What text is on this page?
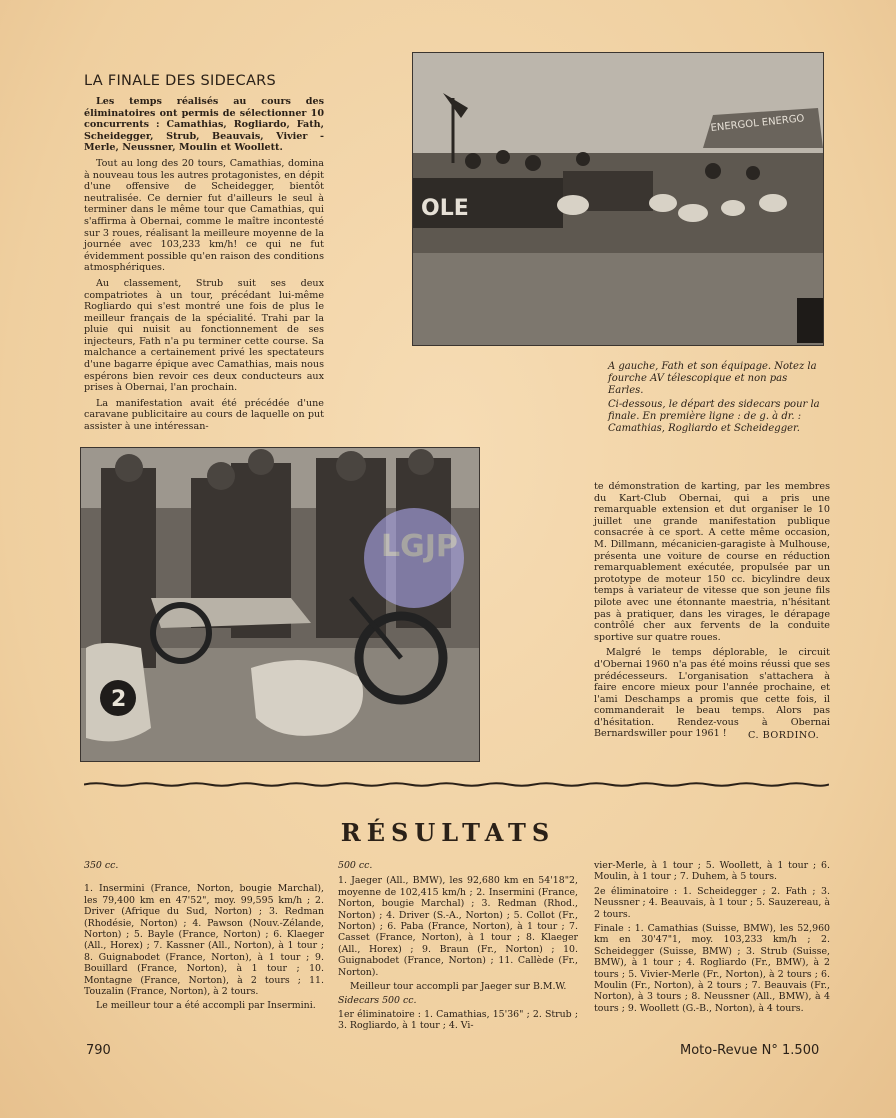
LA FINALE DES SIDECARS

Les temps réalisés au cours des éliminatoires ont permis de sélectionner 10 concurrents : Camathias, Rogliardo, Fath, Scheidegger, Strub, Beauvais, Vivier - Merle, Neussner, Moulin et Woollett.

Tout au long des 20 tours, Camathias, domina à nouveau tous les autres protagonistes, en dépit d'une offensive de Scheidegger, bientôt neutralisée. Ce dernier fut d'ailleurs le seul à terminer dans le même tour que Camathias, qui s'affirma à Obernai, comme le maître incontesté sur 3 roues, réalisant la meilleure moyenne de la journée avec 103,233 km/h! ce qui ne fut évidemment possible qu'en raison des conditions atmosphériques.

Au classement, Strub suit ses deux compatriotes à un tour, précédant lui-même Rogliardo qui s'est montré une fois de plus le meilleur français de la spécialité. Trahi par la pluie qui nuisit au fonctionnement de ses injecteurs, Fath n'a pu terminer cette course. Sa malchance a certainement privé les spectateurs d'une bagarre épique avec Camathias, mais nous espérons bien revoir ces deux conducteurs aux prises à Obernai, l'an prochain.

La manifestation avait été précédée d'une caravane publicitaire au cours de laquelle on put assister à une intéressan-

OLE
ENERGOL ENERGO

A gauche, Fath et son équipage. Notez la fourche AV télescopique et non pas Earles.

Ci-dessous, le départ des sidecars pour la finale. En première ligne : de g. à dr. : Camathias, Rogliardo et Scheidegger.

2
LGJP

te démonstration de karting, par les membres du Kart-Club Obernai, qui a pris une remarquable extension et dut organiser le 10 juillet une grande manifestation publique consacrée à ce sport. A cette même occasion, M. Dillmann, mécanicien-garagiste à Mulhouse, présenta une voiture de course en réduction remarquablement exécutée, propulsée par un prototype de moteur 150 cc. bicylindre deux temps à variateur de vitesse que son jeune fils pilote avec une étonnante maestria, n'hésitant pas à pratiquer, dans les virages, le dérapage contrôlé cher aux fervents de la conduite sportive sur quatre roues.

Malgré le temps déplorable, le circuit d'Obernai 1960 n'a pas été moins réussi que ses prédécesseurs. L'organisation s'attachera à faire encore mieux pour l'année prochaine, et l'ami Deschamps a promis que cette fois, il commanderait le beau temps. Alors pas d'hésitation. Rendez-vous à Obernai Bernardswiller pour 1961 !	C. BORDINO.
RÉSULTATS

350 cc.

1. Insermini (France, Norton, bougie Marchal), les 79,400 km en 47'52", moy. 99,595 km/h ; 2. Driver (Afrique du Sud, Norton) ; 3. Redman (Rhodésie, Norton) ; 4. Pawson (Nouv.-Zélande, Norton) ; 5. Bayle (France, Norton) ; 6. Klaeger (All., Horex) ; 7. Kassner (All., Norton), à 1 tour ; 8. Guignabodet (France, Norton), à 1 tour ; 9. Bouillard (France, Norton), à 1 tour ; 10. Montagne (France, Norton), à 2 tours ; 11. Touzalin (France, Norton), à 2 tours.

Le meilleur tour a été accompli par Insermini.

500 cc.

1. Jaeger (All., BMW), les 92,680 km en 54'18"2, moyenne de 102,415 km/h ; 2. Insermini (France, Norton, bougie Marchal) ; 3. Redman (Rhod., Norton) ; 4. Driver (S.-A., Norton) ; 5. Collot (Fr., Norton) ; 6. Paba (France, Norton), à 1 tour ; 7. Casset (France, Norton), à 1 tour ; 8. Klaeger (All., Horex) ; 9. Braun (Fr., Norton) ; 10. Guignabodet (France, Norton) ; 11. Callède (Fr., Norton).

Meilleur tour accompli par Jaeger sur B.M.W.

Sidecars 500 cc.

1er éliminatoire : 1. Camathias, 15'36" ; 2. Strub ; 3. Rogliardo, à 1 tour ; 4. Vi-

vier-Merle, à 1 tour ; 5. Woollett, à 1 tour ; 6. Moulin, à 1 tour ; 7. Duhem, à 5 tours.

2e éliminatoire : 1. Scheidegger ; 2. Fath ; 3. Neussner ; 4. Beauvais, à 1 tour ; 5. Sauzereau, à 2 tours.

Finale : 1. Camathias (Suisse, BMW), les 52,960 km en 30'47"1, moy. 103,233 km/h ; 2. Scheidegger (Suisse, BMW) ; 3. Strub (Suisse, BMW), à 1 tour ; 4. Rogliardo (Fr., BMW), à 2 tours ; 5. Vivier-Merle (Fr., Norton), à 2 tours ; 6. Moulin (Fr., Norton), à 2 tours ; 7. Beauvais (Fr., Norton), à 3 tours ; 8. Neussner (All., BMW), à 4 tours ; 9. Woollett (G.-B., Norton), à 4 tours.

790	Moto-Revue N° 1.500
